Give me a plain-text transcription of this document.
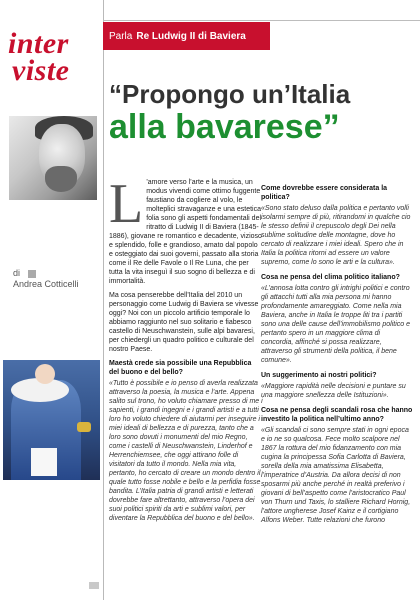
inter
viste
di
Andrea Cotticelli
Parla Re Ludwig II di Baviera
“Propongo un’Italia
alla bavarese”
L ’amore verso l’arte e la musica, un modus vivendi come ottimo fuggente faustiano da cogliere al volo, le molteplici stravaganze e una estetica folia sono gli aspetti fondamentali del ritratto di Ludwig II di Baviera (1845-1886), giovane re romantico e decadente, vizioso e splendido, folle e grandioso, amato dal popolo e osteggiato dai suoi governi, passato alla storia come il Re delle Favole o Il Re Luna, che per tutta la vita inseguì il suo sogno di bellezza e di immortalità.

Ma cosa penserebbe dell’Italia del 2010 un personaggio come Ludwig di Baviera se vivesse oggi? Noi con un piccolo artificio temporale lo abbiamo raggiunto nel suo solitario e fiabesco castello di Neuschwanstein, sulle alpi bavaresi, per chiedergli un quadro politico e culturale del nostro Paese.

Maestà crede sia possibile una Repubblica del buono e del bello?
«Tutto è possibile e io penso di averla realizzata attraverso la poesia, la musica e l’arte. Appena salito sul trono, ho voluto chiamare presso di me i sapienti, i grandi ingegni e i grandi artisti e a tutti loro ho voluto chiedere di aiutarmi per inseguire i miei ideali di bellezza e di purezza, tanto che a loro sono dovuti i monumenti del mio Regno, come i castelli di Neuschwanstein, Linderhof e Herrenchiemsee, che oggi attirano folle di visitatori da tutto il mondo. Nella mia vita, pertanto, ho cercato di creare un mondo dentro il quale tutto fosse nobile e bello e la perfidia fosse bandita. L’Italia patria di grandi artisti e letterati dovrebbe fare altrettanto, attraverso l’opera dei suoi politici spiriti da arti e sublimi valori, per diventare la Repubblica del buono e del bello».
Come dovrebbe essere considerata la politica?
«Sono stato deluso dalla politica e pertanto volli isolarmi sempre di più, ritirandomi in qualche cio le stesso definii il crepuscolo degli Dei nella sublime solitudine delle montagne, dove ho cercato di realizzare i miei ideali. Spero che in Italia la politica ritorni ad essere un valore supremo, come lo sono le arti e la cultura».
Cosa ne pensa del clima politico italiano?
«L’annosa lotta contro gli intrighi politici e contro gli attacchi tutti alla mia persona mi hanno profondamente amareggiato. Come nella mia Baviera, anche in Italia le troppe liti tra i partiti sono una delle cause dell’immobilismo politico e pertanto spero in un maggiore clima di concordia, affinché si possa realizzare, attraverso gli strumenti della politica, il bene comune».
Un suggerimento ai nostri politici?
«Maggiore rapidità nelle decisioni e puntare su una maggiore snellezza delle Istituzioni».
Cosa ne pensa degli scandali rosa che hanno investito la politica nell’ultimo anno?
«Gli scandali ci sono sempre stati in ogni epoca e io ne so qualcosa. Fece molto scalpore nel 1867 la rottura del mio fidanzamento con mia cugina la principessa Sofia Carlotta di Baviera, sorella della mia amatissima Elisabetta, l’imperatrice d’Austria. Da allora decisi di non sposarmi più anche perché in realtà preferivo i giovani di bell’aspetto come l’aristocratico Paul von Thurn und Taxis, lo stalliere Richard Hornig, l’attore ungherese Josef Kainz e il cortigiano Alfons Weber. Tutte relazioni che furono
